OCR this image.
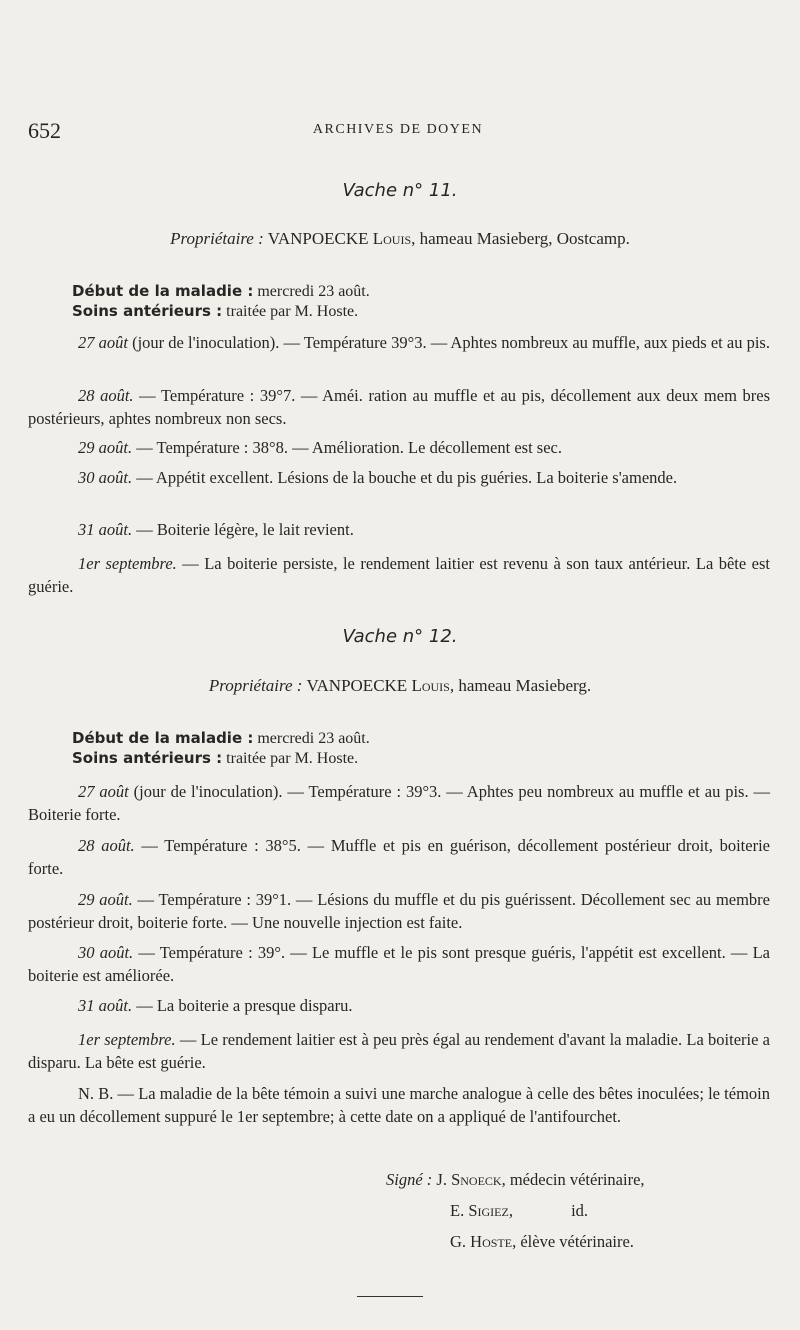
652	ARCHIVES DE DOYEN
Vache n° 11.
Propriétaire : VANPOECKE Louis, hameau Masieberg, Oostcamp.
Début de la maladie : mercredi 23 août.
Soins antérieurs : traitée par M. Hoste.
27 août (jour de l'inoculation). — Température 39°3. — Aphtes nombreux au muffle, aux pieds et au pis.
28 août. — Température : 39°7. — Améi. ration au muffle et au pis, décollement aux deux mem bres postérieurs, aphtes nombreux non secs.
29 août. — Température : 38°8. — Amélioration. Le décollement est sec.
30 août. — Appétit excellent. Lésions de la bouche et du pis guéries. La boiterie s'amende.
31 août. — Boiterie légère, le lait revient.
1er septembre. — La boiterie persiste, le rendement laitier est revenu à son taux antérieur. La bête est guérie.
Vache n° 12.
Propriétaire : VANPOECKE Louis, hameau Masieberg.
Début de la maladie : mercredi 23 août.
Soins antérieurs : traitée par M. Hoste.
27 août (jour de l'inoculation). — Température : 39°3. — Aphtes peu nombreux au muffle et au pis. — Boiterie forte.
28 août. — Température : 38°5. — Muffle et pis en guérison, décollement postérieur droit, boiterie forte.
29 août. — Température : 39°1. — Lésions du muffle et du pis guérissent. Décollement sec au membre postérieur droit, boiterie forte. — Une nouvelle injection est faite.
30 août. — Température : 39°. — Le muffle et le pis sont presque guéris, l'appétit est excellent. — La boiterie est améliorée.
31 août. — La boiterie a presque disparu.
1er septembre. — Le rendement laitier est à peu près égal au rendement d'avant la maladie. La boiterie a disparu. La bête est guérie.
N. B. — La maladie de la bête témoin a suivi une marche analogue à celle des bêtes inoculées; le témoin a eu un décollement suppuré le 1er septembre; à cette date on a appliqué de l'antifourchet.
Signé : J. Snoeck, médecin vétérinaire,
E. Sigiez,	id.
G. Hoste, élève vétérinaire.
